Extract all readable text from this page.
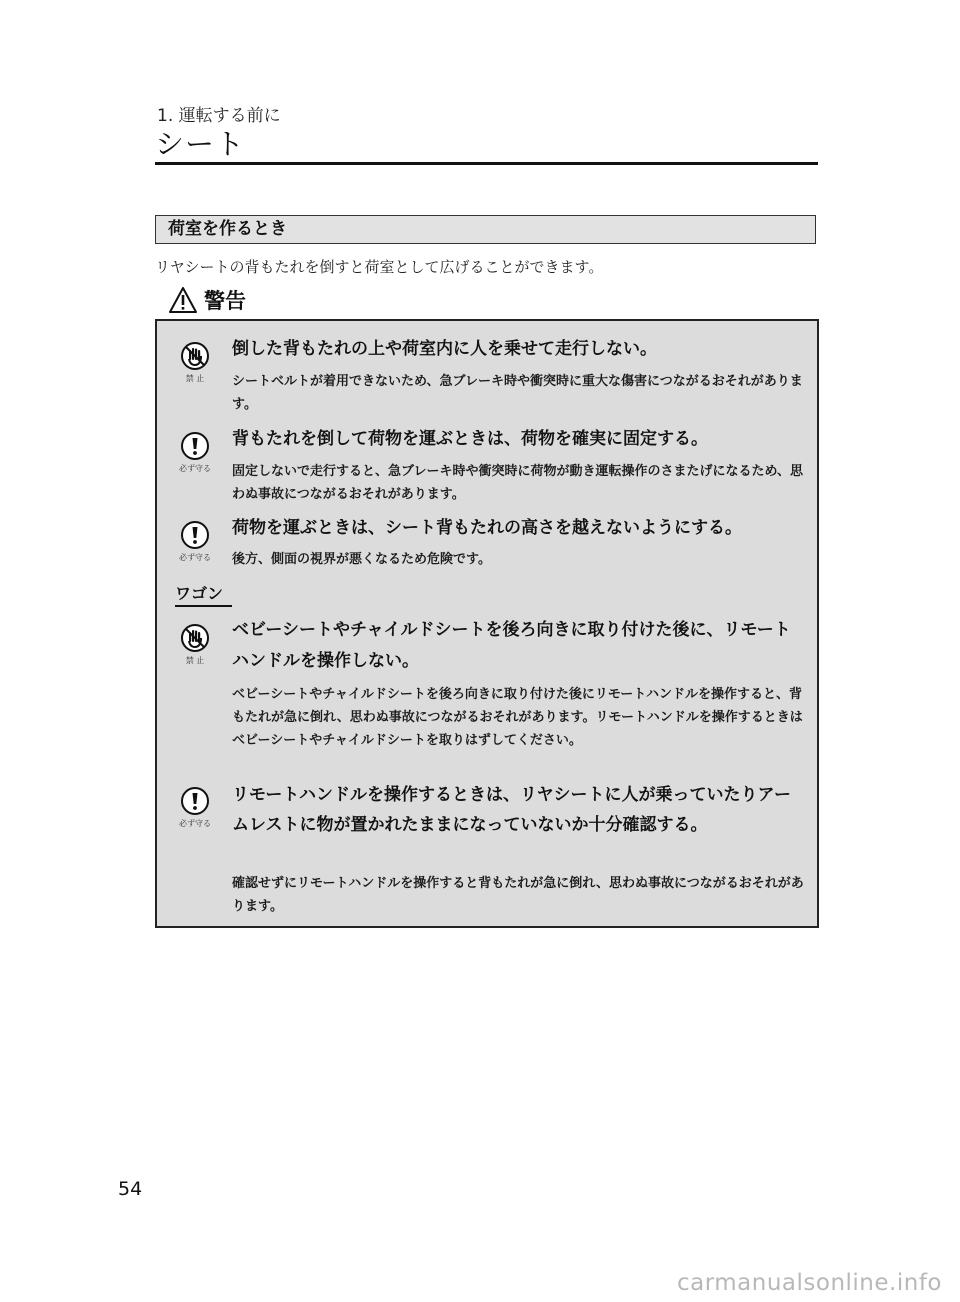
1. 運転する前に
シート
荷室を作るとき
リヤシートの背もたれを倒すと荷室として広げることができます。
警告
禁 止
倒した背もたれの上や荷室内に人を乗せて走行しない。
シートベルトが着用できないため、急ブレーキ時や衝突時に重大な傷害につながるおそれがあります。
必ず守る
背もたれを倒して荷物を運ぶときは、荷物を確実に固定する。
固定しないで走行すると、急ブレーキ時や衝突時に荷物が動き運転操作のさまたげになるため、思わぬ事故につながるおそれがあります。
必ず守る
荷物を運ぶときは、シート背もたれの高さを越えないようにする。
後方、側面の視界が悪くなるため危険です。
ワゴン
禁 止
ベビーシートやチャイルドシートを後ろ向きに取り付けた後に、リモートハンドルを操作しない。
ベビーシートやチャイルドシートを後ろ向きに取り付けた後にリモートハンドルを操作すると、背もたれが急に倒れ、思わぬ事故につながるおそれがあります。リモートハンドルを操作するときはベビーシートやチャイルドシートを取りはずしてください。
必ず守る
リモートハンドルを操作するときは、リヤシートに人が乗っていたりアームレストに物が置かれたままになっていないか十分確認する。
確認せずにリモートハンドルを操作すると背もたれが急に倒れ、思わぬ事故につながるおそれがあります。
54
carmanualsonline.info
